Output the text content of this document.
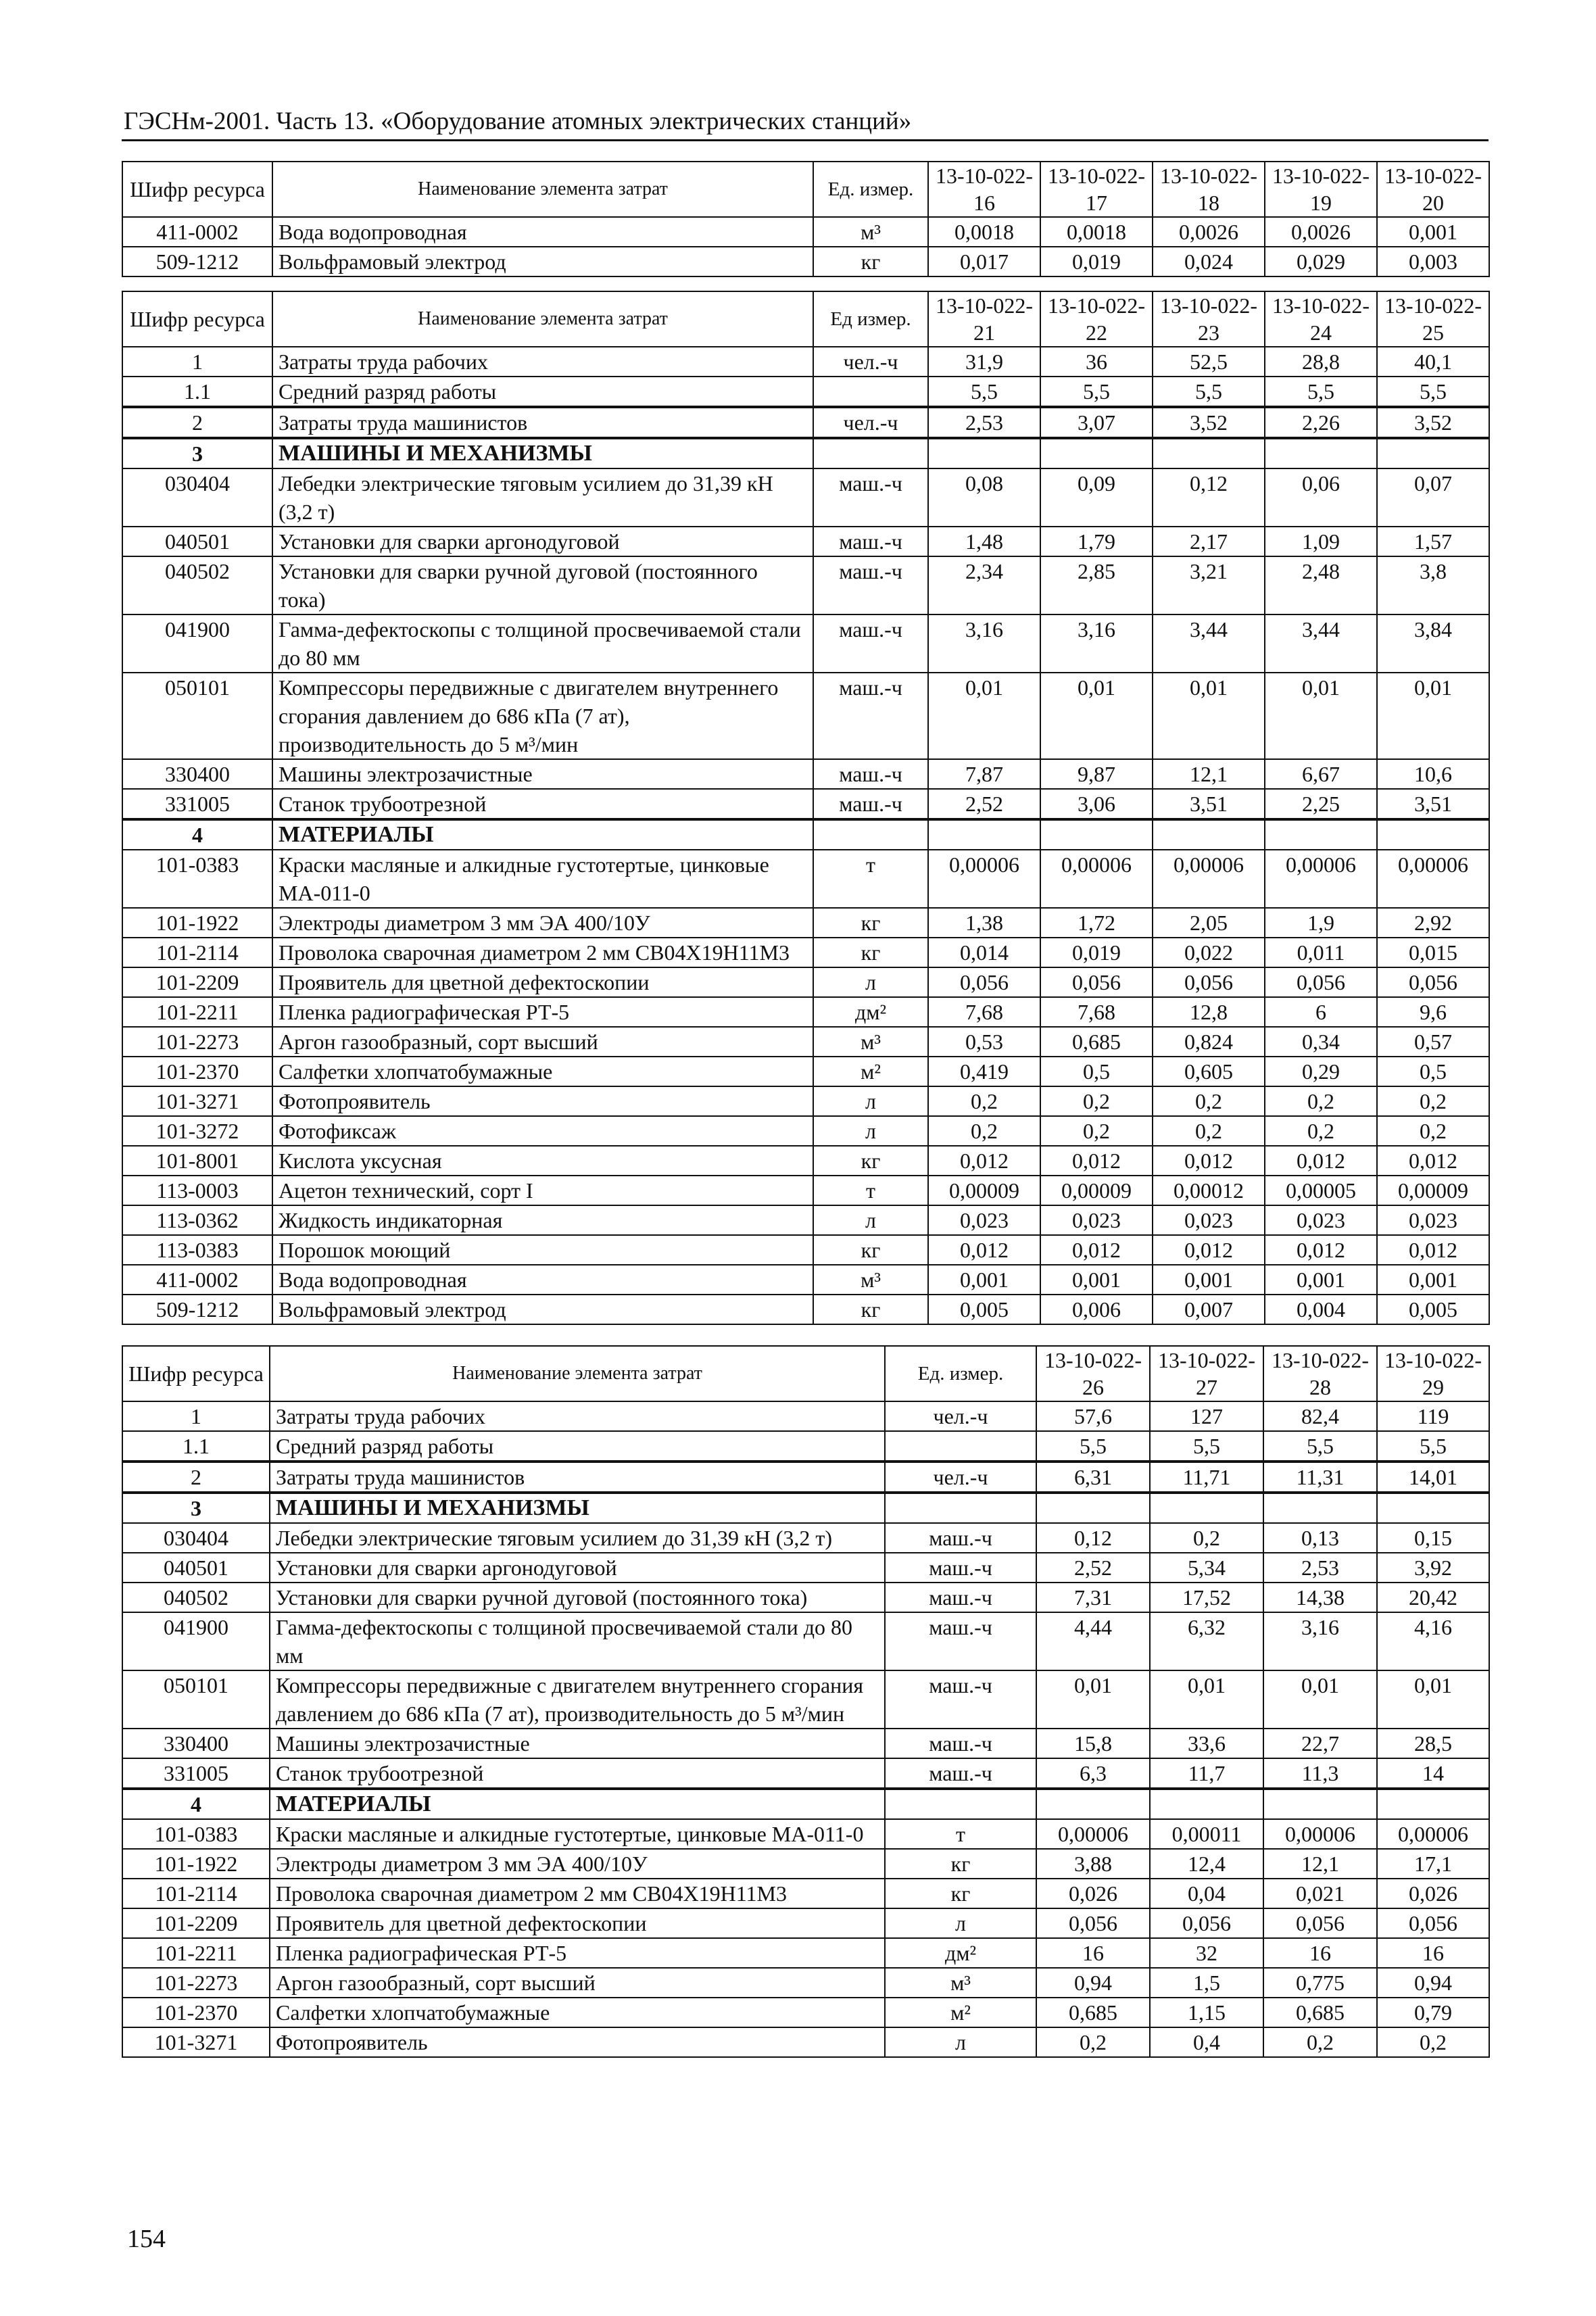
ГЭСНм-2001. Часть 13. «Оборудование атомных электрических станций»
Шифр ресурса	Наименование элемента затрат	Ед. измер.	13-10-022-16	13-10-022-17	13-10-022-18	13-10-022-19	13-10-022-20
411-0002	Вода водопроводная	м³	0,0018	0,0018	0,0026	0,0026	0,001
509-1212	Вольфрамовый электрод	кг	0,017	0,019	0,024	0,029	0,003
Шифр ресурса	Наименование элемента затрат	Ед измер.	13-10-022-21	13-10-022-22	13-10-022-23	13-10-022-24	13-10-022-25
1	Затраты труда рабочих	чел.-ч	31,9	36	52,5	28,8	40,1
1.1	Средний разряд работы		5,5	5,5	5,5	5,5	5,5
2	Затраты труда машинистов	чел.-ч	2,53	3,07	3,52	2,26	3,52
3	МАШИНЫ И МЕХАНИЗМЫ						
030404	Лебедки электрические тяговым усилием до 31,39 кН (3,2 т)	маш.-ч	0,08	0,09	0,12	0,06	0,07
040501	Установки для сварки аргонодуговой	маш.-ч	1,48	1,79	2,17	1,09	1,57
040502	Установки для сварки ручной дуговой (постоянного тока)	маш.-ч	2,34	2,85	3,21	2,48	3,8
041900	Гамма-дефектоскопы с толщиной просвечиваемой стали до 80 мм	маш.-ч	3,16	3,16	3,44	3,44	3,84
050101	Компрессоры передвижные с двигателем внутреннего сгорания давлением до 686 кПа (7 ат), производительность до 5 м³/мин	маш.-ч	0,01	0,01	0,01	0,01	0,01
330400	Машины электрозачистные	маш.-ч	7,87	9,87	12,1	6,67	10,6
331005	Станок трубоотрезной	маш.-ч	2,52	3,06	3,51	2,25	3,51
4	МАТЕРИАЛЫ						
101-0383	Краски масляные и алкидные густотертые, цинковые МА-011-0	т	0,00006	0,00006	0,00006	0,00006	0,00006
101-1922	Электроды диаметром 3 мм ЭА 400/10У	кг	1,38	1,72	2,05	1,9	2,92
101-2114	Проволока сварочная диаметром 2 мм СВ04Х19Н11М3	кг	0,014	0,019	0,022	0,011	0,015
101-2209	Проявитель для цветной дефектоскопии	л	0,056	0,056	0,056	0,056	0,056
101-2211	Пленка радиографическая РТ-5	дм²	7,68	7,68	12,8	6	9,6
101-2273	Аргон газообразный, сорт высший	м³	0,53	0,685	0,824	0,34	0,57
101-2370	Салфетки хлопчатобумажные	м²	0,419	0,5	0,605	0,29	0,5
101-3271	Фотопроявитель	л	0,2	0,2	0,2	0,2	0,2
101-3272	Фотофиксаж	л	0,2	0,2	0,2	0,2	0,2
101-8001	Кислота уксусная	кг	0,012	0,012	0,012	0,012	0,012
113-0003	Ацетон технический, сорт I	т	0,00009	0,00009	0,00012	0,00005	0,00009
113-0362	Жидкость индикаторная	л	0,023	0,023	0,023	0,023	0,023
113-0383	Порошок моющий	кг	0,012	0,012	0,012	0,012	0,012
411-0002	Вода водопроводная	м³	0,001	0,001	0,001	0,001	0,001
509-1212	Вольфрамовый электрод	кг	0,005	0,006	0,007	0,004	0,005
Шифр ресурса	Наименование элемента затрат	Ед. измер.	13-10-022-26	13-10-022-27	13-10-022-28	13-10-022-29
1	Затраты труда рабочих	чел.-ч	57,6	127	82,4	119
1.1	Средний разряд работы		5,5	5,5	5,5	5,5
2	Затраты труда машинистов	чел.-ч	6,31	11,71	11,31	14,01
3	МАШИНЫ И МЕХАНИЗМЫ					
030404	Лебедки электрические тяговым усилием до 31,39 кН (3,2 т)	маш.-ч	0,12	0,2	0,13	0,15
040501	Установки для сварки аргонодуговой	маш.-ч	2,52	5,34	2,53	3,92
040502	Установки для сварки ручной дуговой (постоянного тока)	маш.-ч	7,31	17,52	14,38	20,42
041900	Гамма-дефектоскопы с толщиной просвечиваемой стали до 80 мм	маш.-ч	4,44	6,32	3,16	4,16
050101	Компрессоры передвижные с двигателем внутреннего сгорания давлением до 686 кПа (7 ат), производительность до 5 м³/мин	маш.-ч	0,01	0,01	0,01	0,01
330400	Машины электрозачистные	маш.-ч	15,8	33,6	22,7	28,5
331005	Станок трубоотрезной	маш.-ч	6,3	11,7	11,3	14
4	МАТЕРИАЛЫ					
101-0383	Краски масляные и алкидные густотертые, цинковые МА-011-0	т	0,00006	0,00011	0,00006	0,00006
101-1922	Электроды диаметром 3 мм ЭА 400/10У	кг	3,88	12,4	12,1	17,1
101-2114	Проволока сварочная диаметром 2 мм СВ04Х19Н11М3	кг	0,026	0,04	0,021	0,026
101-2209	Проявитель для цветной дефектоскопии	л	0,056	0,056	0,056	0,056
101-2211	Пленка радиографическая РТ-5	дм²	16	32	16	16
101-2273	Аргон газообразный, сорт высший	м³	0,94	1,5	0,775	0,94
101-2370	Салфетки хлопчатобумажные	м²	0,685	1,15	0,685	0,79
101-3271	Фотопроявитель	л	0,2	0,4	0,2	0,2
154
